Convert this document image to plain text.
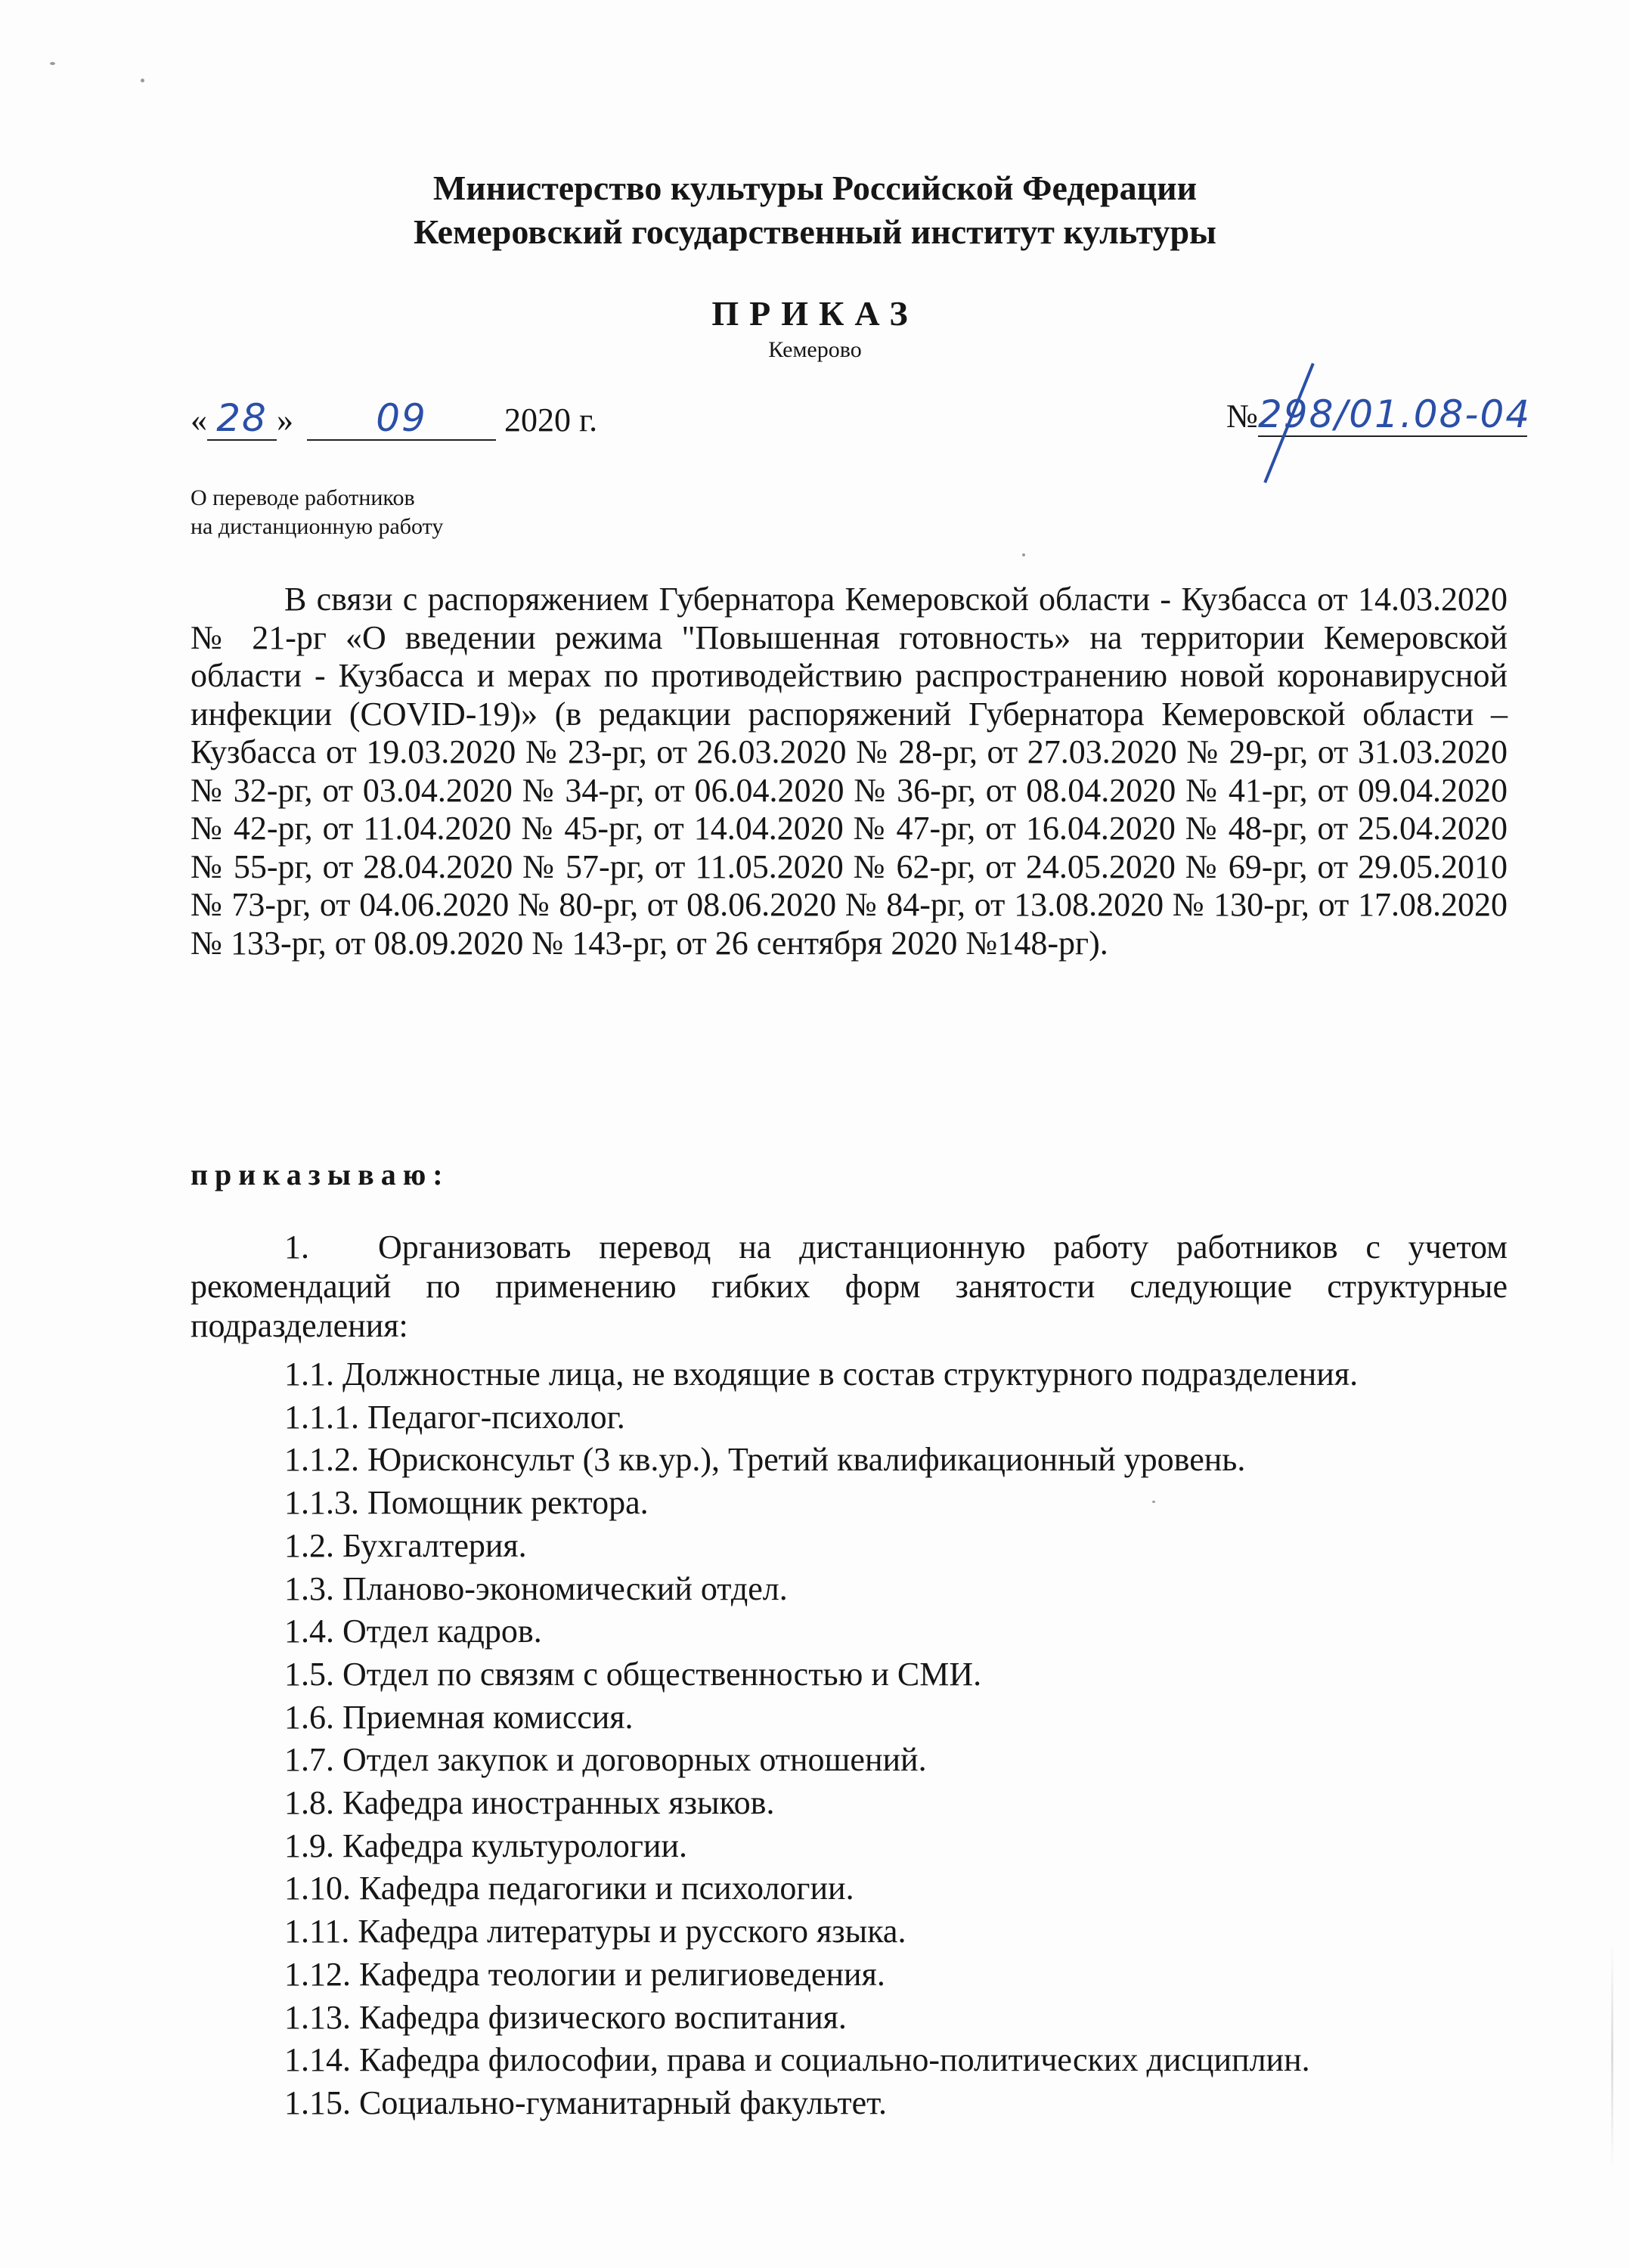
Министерство культуры Российской Федерации
Кемеровский государственный институт культуры
ПРИКАЗ
Кемерово
« 28 » 09 2020 г.	№298/01.08-04
О переводе работников
на дистанционную работу
В связи с распоряжением Губернатора Кемеровской области - Кузбасса от 14.03.2020 № 21-рг «О введении режима "Повышенная готовность» на территории Кемеровской области - Кузбасса и мерах по противодействию распространению новой коронавирусной инфекции (COVID-19)» (в редакции распоряжений Губернатора Кемеровской области – Кузбасса от 19.03.2020 № 23-рг, от 26.03.2020 № 28-рг, от 27.03.2020 № 29-рг, от 31.03.2020 № 32-рг, от 03.04.2020 № 34-рг, от 06.04.2020 № 36-рг, от 08.04.2020 № 41-рг, от 09.04.2020 № 42-рг, от 11.04.2020 № 45-рг, от 14.04.2020 № 47-рг, от 16.04.2020 № 48-рг, от 25.04.2020 № 55-рг, от 28.04.2020 № 57-рг, от 11.05.2020 № 62-рг, от 24.05.2020 № 69-рг, от 29.05.2010 № 73-рг, от 04.06.2020 № 80-рг, от 08.06.2020 № 84-рг, от 13.08.2020 № 130-рг, от 17.08.2020 № 133-рг, от 08.09.2020 № 143-рг, от 26 сентября 2020 №148-рг).
приказываю:
1. Организовать перевод на дистанционную работу работников с учетом рекомендаций по применению гибких форм занятости следующие структурные подразделения:
1.1. Должностные лица, не входящие в состав структурного подразделения.
1.1.1. Педагог-психолог.
1.1.2. Юрисконсульт (3 кв.ур.), Третий квалификационный уровень.
1.1.3. Помощник ректора.
1.2. Бухгалтерия.
1.3. Планово-экономический отдел.
1.4. Отдел кадров.
1.5. Отдел по связям с общественностью и СМИ.
1.6. Приемная комиссия.
1.7. Отдел закупок и договорных отношений.
1.8. Кафедра иностранных языков.
1.9. Кафедра культурологии.
1.10. Кафедра педагогики и психологии.
1.11. Кафедра литературы и русского языка.
1.12. Кафедра теологии и религиоведения.
1.13. Кафедра физического воспитания.
1.14. Кафедра философии, права и социально-политических дисциплин.
1.15. Социально-гуманитарный факультет.
